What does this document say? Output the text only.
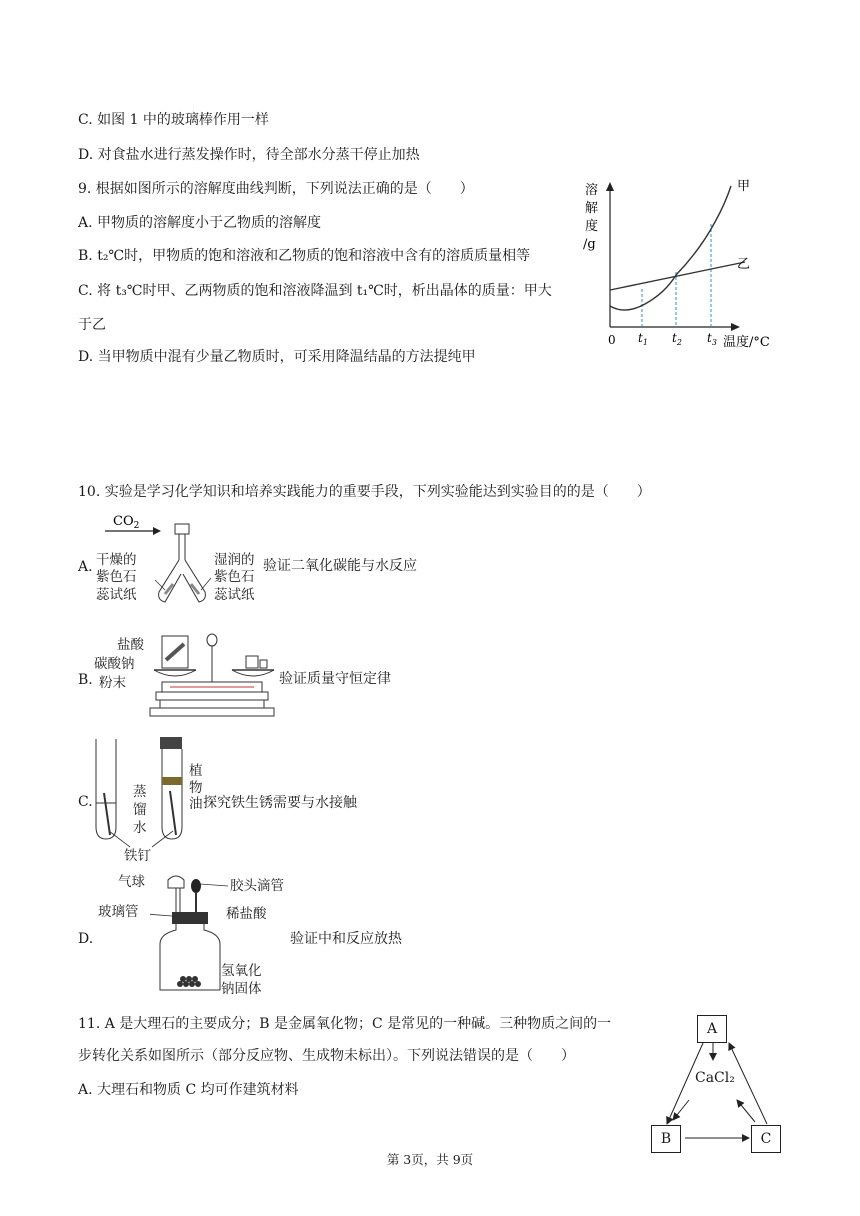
C. 如图 1 中的玻璃棒作用一样
D. 对食盐水进行蒸发操作时，待全部水分蒸干停止加热
9. 根据如图所示的溶解度曲线判断，下列说法正确的是（　　）
A. 甲物质的溶解度小于乙物质的溶解度
B. t₂℃时，甲物质的饱和溶液和乙物质的饱和溶液中含有的溶质质量相等
C. 将 t₃℃时甲、乙两物质的饱和溶液降温到 t₁℃时，析出晶体的质量：甲大
于乙
D. 当甲物质中混有少量乙物质时，可采用降温结晶的方法提纯甲
溶
解
度
/g
甲
乙
0 $t_1$ $t_2$ $t_3$ 温度/°C
10. 实验是学习化学知识和培养实践能力的重要手段，下列实验能达到实验目的的是（　　）
A.
$CO_2$
干燥的
紫色石
蕊试纸
湿润的
紫色石
蕊试纸
验证二氧化碳能与水反应
B.
盐酸
碳酸钠
粉末	验证质量守恒定律
C.
蒸
馏
水
植
物
油 探究铁生锈需要与水接触
铁钉
D.
气球	胶头滴管
玻璃管	稀盐酸
氢氧化
钠固体
验证中和反应放热
11. A 是大理石的主要成分；B 是金属氧化物；C 是常见的一种碱。三种物质之间的一
步转化关系如图所示（部分反应物、生成物未标出）。下列说法错误的是（　　）
A. 大理石和物质 C 均可作建筑材料
A
CaCl₂
B	C
第 3页，共 9页
